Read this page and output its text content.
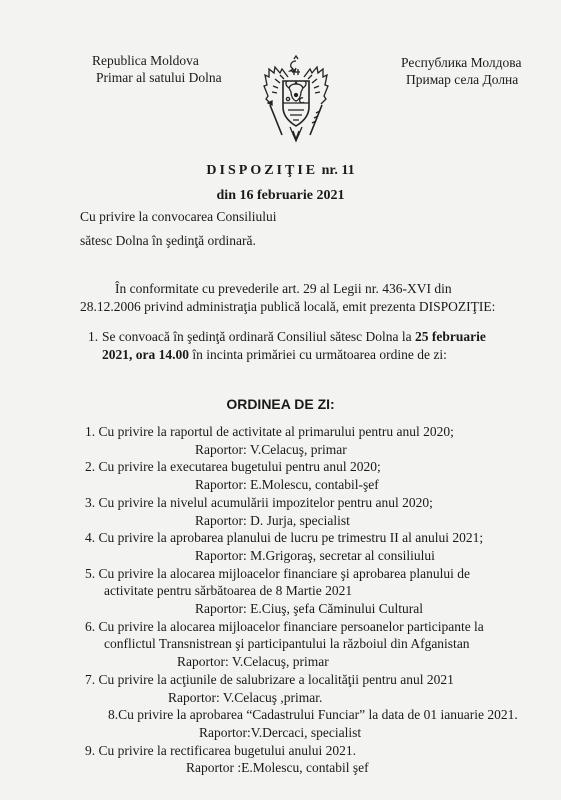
Republica Moldova
Primar al satului Dolna
Республика Молдова
Примар села Долна
DISPOZIŢIE nr. 11
din 16 februarie 2021
Cu privire la convocarea Consiliului
sătesc Dolna în şedinţă ordinară.
În conformitate cu prevederile art. 29 al Legii nr. 436-XVI din
28.12.2006 privind administraţia publică locală, emit prezenta DISPOZIŢIE:
1. Se convoacă în şedinţă ordinară Consiliul sătesc Dolna la 25 februarie
2021, ora 14.00 în incinta primăriei cu următoarea ordine de zi:
ORDINEA DE ZI:
1. Cu privire la raportul de activitate al primarului pentru anul 2020;
Raportor: V.Celacuş, primar
2. Cu privire la executarea bugetului pentru anul 2020;
Raportor: E.Molescu, contabil-şef
3. Cu privire la nivelul acumulării impozitelor pentru anul 2020;
Raportor: D. Jurja, specialist
4. Cu privire la aprobarea planului de lucru pe trimestru II al anului 2021;
Raportor: M.Grigoraş, secretar al consiliului
5. Cu privire la alocarea mijloacelor financiare şi aprobarea planului de
activitate pentru sărbătoarea de 8 Martie 2021
Raportor: E.Ciuş, şefa Căminului Cultural
6. Cu privire la alocarea mijloacelor financiare persoanelor participante la
conflictul Transnistrean şi participantului la războiul din Afganistan
Raportor: V.Celacuş, primar
7. Cu privire la acţiunile de salubrizare a localităţii pentru anul 2021
Raportor: V.Celacuş ,primar.
8.Cu privire la aprobarea “Cadastrului Funciar” la data de 01 ianuarie 2021.
Raportor:V.Dercaci, specialist
9. Cu privire la rectificarea bugetului anului 2021.
Raportor :E.Molescu, contabil şef
